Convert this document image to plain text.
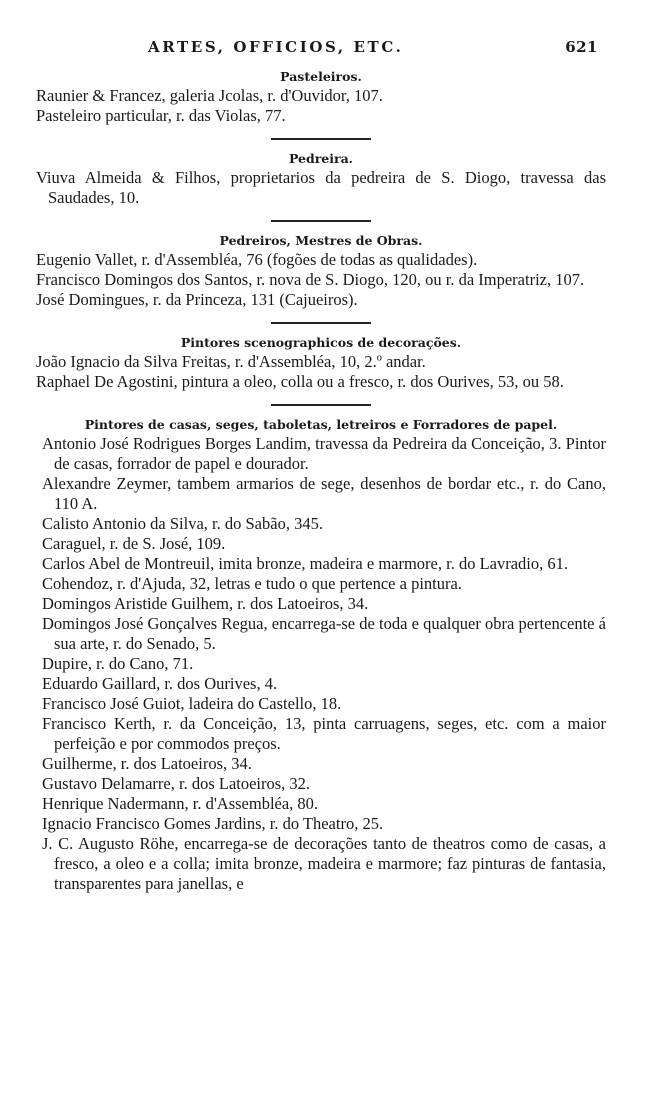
ARTES, OFFICIOS, ETC.	621
Pasteleiros.
Raunier & Francez, galeria Jcolas, r. d'Ouvidor, 107.
Pasteleiro particular, r. das Violas, 77.
Pedreira.
Viuva Almeida & Filhos, proprietarios da pedreira de S. Diogo, travessa das Saudades, 10.
Pedreiros, Mestres de Obras.
Eugenio Vallet, r. d'Assembléa, 76 (fogões de todas as qualidades).
Francisco Domingos dos Santos, r. nova de S. Diogo, 120, ou r. da Imperatriz, 107.
José Domingues, r. da Princeza, 131 (Cajueiros).
Pintores scenographicos de decorações.
João Ignacio da Silva Freitas, r. d'Assembléa, 10, 2.º andar.
Raphael De Agostini, pintura a oleo, colla ou a fresco, r. dos Ourives, 53, ou 58.
Pintores de casas, seges, taboletas, letreiros e Forradores de papel.
Antonio José Rodrigues Borges Landim, travessa da Pedreira da Conceição, 3. Pintor de casas, forrador de papel e dourador.
Alexandre Zeymer, tambem armarios de sege, desenhos de bordar etc., r. do Cano, 110 A.
Calisto Antonio da Silva, r. do Sabão, 345.
Caraguel, r. de S. José, 109.
Carlos Abel de Montreuil, imita bronze, madeira e marmore, r. do Lavradio, 61.
Cohendoz, r. d'Ajuda, 32, letras e tudo o que pertence a pintura.
Domingos Aristide Guilhem, r. dos Latoeiros, 34.
Domingos José Gonçalves Regua, encarrega-se de toda e qualquer obra pertencente á sua arte, r. do Senado, 5.
Dupire, r. do Cano, 71.
Eduardo Gaillard, r. dos Ourives, 4.
Francisco José Guiot, ladeira do Castello, 18.
Francisco Kerth, r. da Conceição, 13, pinta carruagens, seges, etc. com a maior perfeição e por commodos preços.
Guilherme, r. dos Latoeiros, 34.
Gustavo Delamarre, r. dos Latoeiros, 32.
Henrique Nadermann, r. d'Assembléa, 80.
Ignacio Francisco Gomes Jardins, r. do Theatro, 25.
J. C. Augusto Röhe, encarrega-se de decorações tanto de theatros como de casas, a fresco, a oleo e a colla; imita bronze, madeira e marmore; faz pinturas de fantasia, transparentes para janellas, e
